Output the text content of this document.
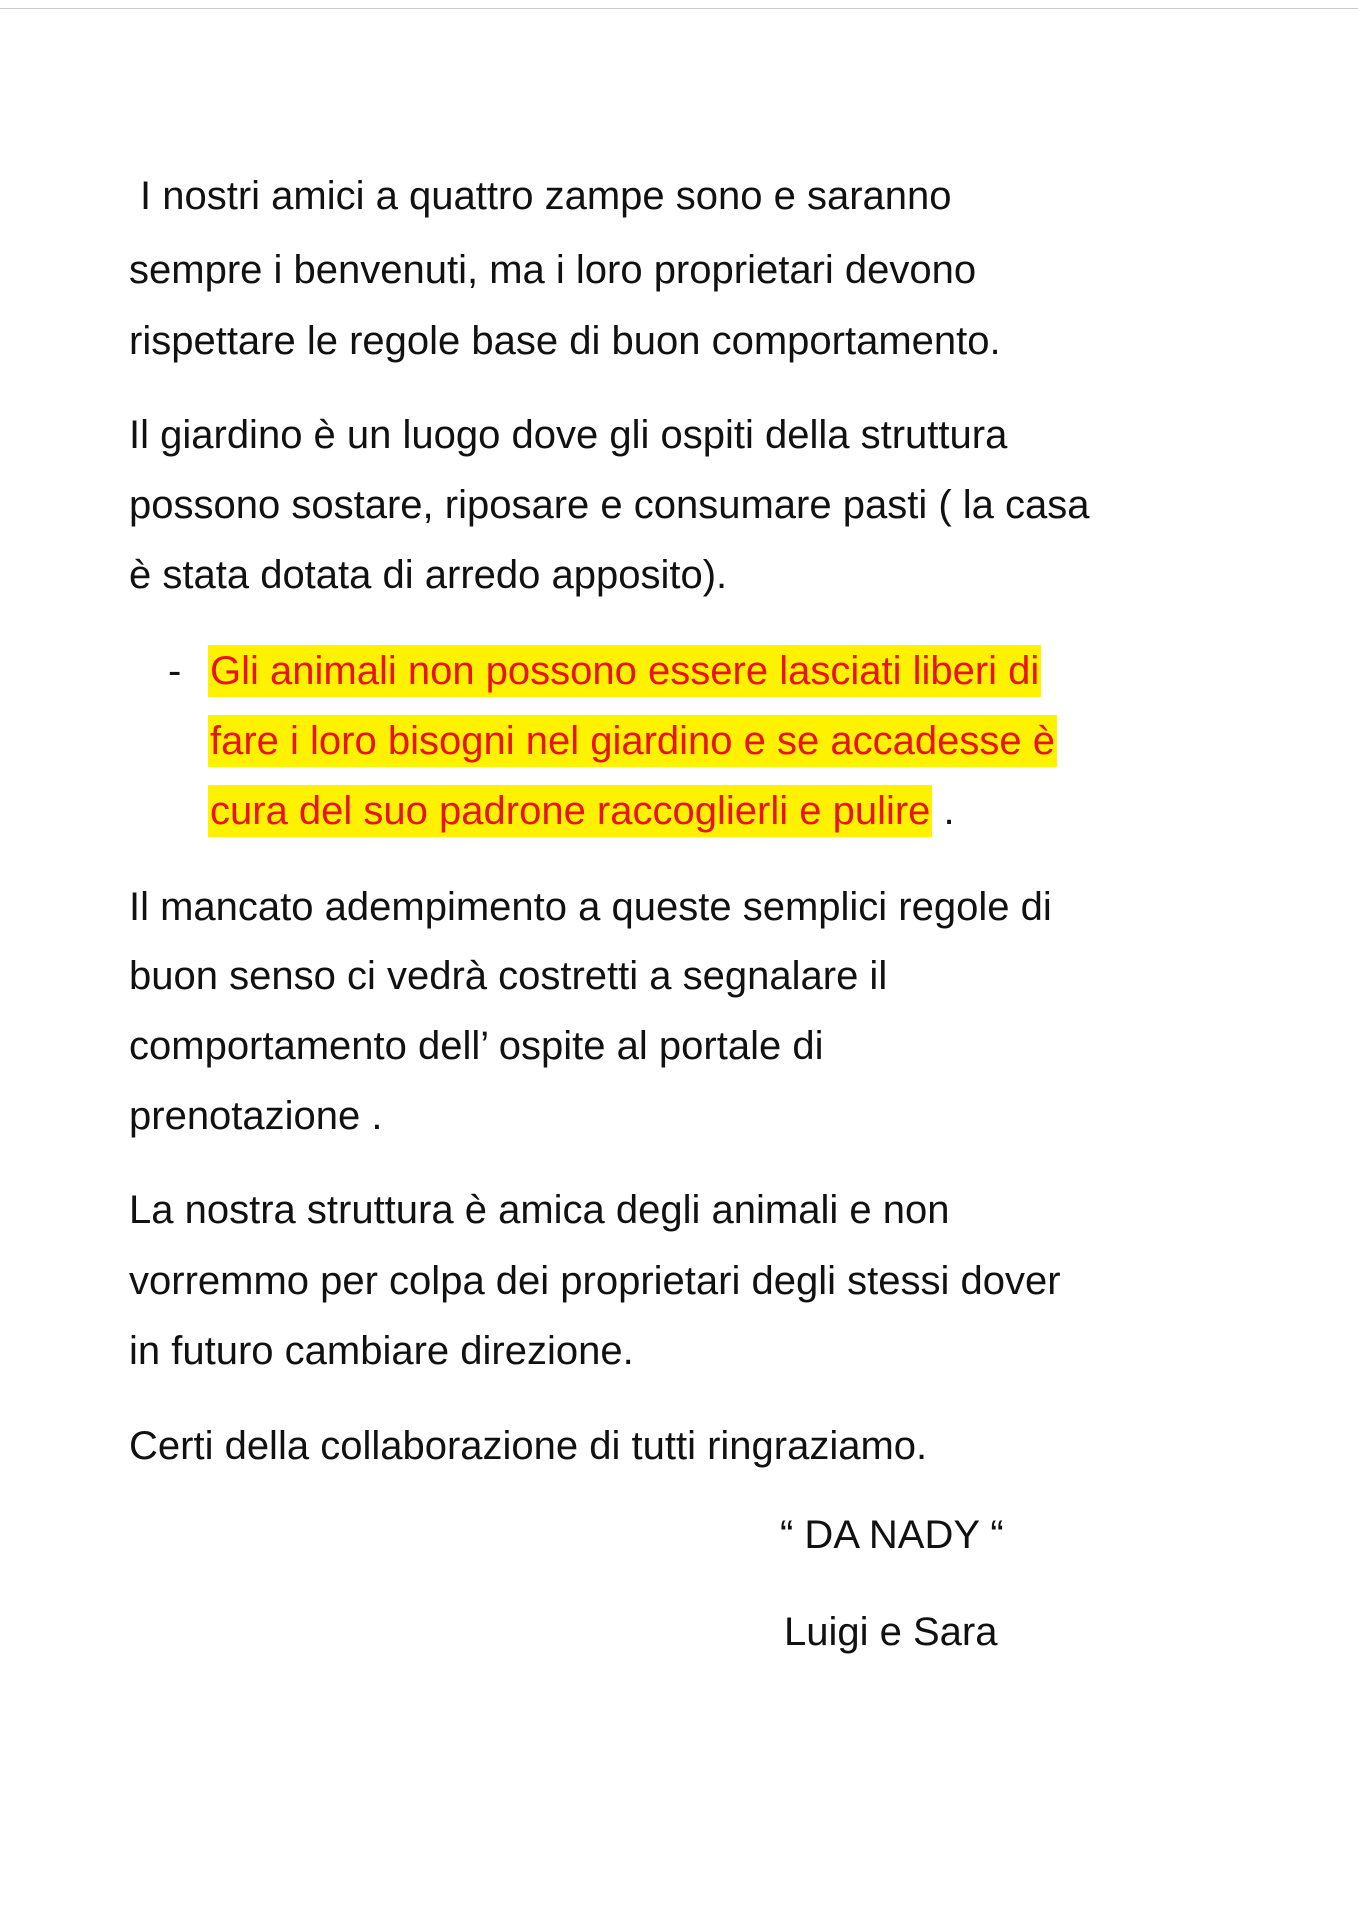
I nostri amici a quattro zampe sono e saranno
sempre i benvenuti, ma i loro proprietari devono
rispettare le regole base di buon comportamento.
Il giardino è un luogo dove gli ospiti della struttura
possono sostare, riposare e consumare pasti ( la casa
è stata dotata di arredo apposito).
- Gli animali non possono essere lasciati liberi di
fare i loro bisogni nel giardino e se accadesse è
cura del suo padrone raccoglierli e pulire .
Il mancato adempimento a queste semplici regole di
buon senso ci vedrà costretti a segnalare il
comportamento dell’ ospite al portale di
prenotazione .
La nostra struttura è amica degli animali e non
vorremmo per colpa dei proprietari degli stessi dover
in futuro cambiare direzione.
Certi della collaborazione di tutti ringraziamo.
“ DA NADY “
Luigi e Sara
